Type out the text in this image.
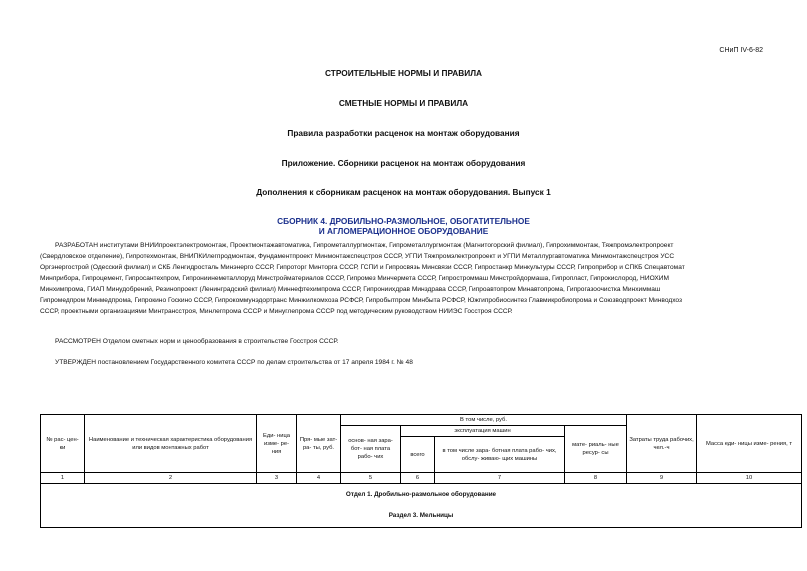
СНиП IV-6-82
СТРОИТЕЛЬНЫЕ НОРМЫ И ПРАВИЛА
СМЕТНЫЕ НОРМЫ И ПРАВИЛА
Правила разработки расценок на монтаж оборудования
Приложение. Сборники расценок на монтаж оборудования
Дополнения к сборникам расценок на монтаж оборудования. Выпуск 1
СБОРНИК 4. ДРОБИЛЬНО-РАЗМОЛЬНОЕ, ОБОГАТИТЕЛЬНОЕ
И АГЛОМЕРАЦИОННОЕ ОБОРУДОВАНИЕ
РАЗРАБОТАН институтами ВНИИпроектэлектромонтаж, Проектмонтажавтоматика, Гипрометаллургмонтаж, Гипрометаллургмонтаж (Магнитогорский филиал), Гипрохиммонтаж, Тяжпромэлектропроект
(Свердловское отделение), Гипротехмонтаж, ВНИПКИлегпродмонтаж, Фундаментпроект Минмонтажспецстроя СССР, УГПИ Тяжпромэлектропроект и УГПИ Металлургавтоматика Минмонтажспецстроя УСС
Оргэнергострой (Одесский филиал) и СКБ Ленгидросталь Минэнерго СССР, Гипроторг Минторга СССР, ГСПИ и Гипросвязь Минсвязи СССР, Гипростанкр Минкультуры СССР, Гипроприбор и СПКБ Спецавтомат
Минприбора, Гипроцемент, Гипросантехпром, Гипрониинеметаллоруд Минстройматериалов СССР, Гипромез Минчермета СССР, Гипростроммаш Минстройдормаша, Гипропласт, Гипрокислород, НИОХИМ
Минхимпрома, ГИАП Минудобрений, Резинопроект (Ленинградский филиал) Миннефтехимпрома СССР, Гипрониихдрав Минздрава СССР, Гипроавтопром Минавтопрома, Гипрогазоочистка Минхиммаш
Гипромедпром Минмедпрома, Гипрокино Госкино СССР, Гипрокоммунэдортранс Минжилкомхоза РСФСР, Гипробытпром Минбыта РСФСР, Южгипробиосинтез Главмикробиопрома и Союзводпроект Минводхоз
СССР, проектными организациями Минтрансстроя, Минлегпрома СССР и Минуглепрома СССР под методическим руководством НИИЭС Госстроя СССР.
РАССМОТРЕН Отделом сметных норм и ценообразования в строительстве Госстроя СССР.
УТВЕРЖДЕН постановлением Государственного комитета СССР по делам строительства от 17 апреля 1984 г. № 48
№ рас- цен- ки	Наименование и техническая характеристика оборудования или видов монтажных работ	Еди- ница изме- ре- ния	Пря- мые зат- ра- ты, руб.	В том числе, руб.				Затраты труда рабочих, чел.-ч	Масса еди- ницы изме- рения, т
				основ- ная зара- бот- ная плата рабо- чих	эксплуатация машин		мате- риаль- ные ресур- сы		
					всего	в том числе зара- ботная плата рабо- чих, обслу- живаю- щих машины			
1	2	3	4	5	6	7	8	9	10
Отдел 1. Дробильно-размольное оборудование									
Раздел 3. Мельницы									
